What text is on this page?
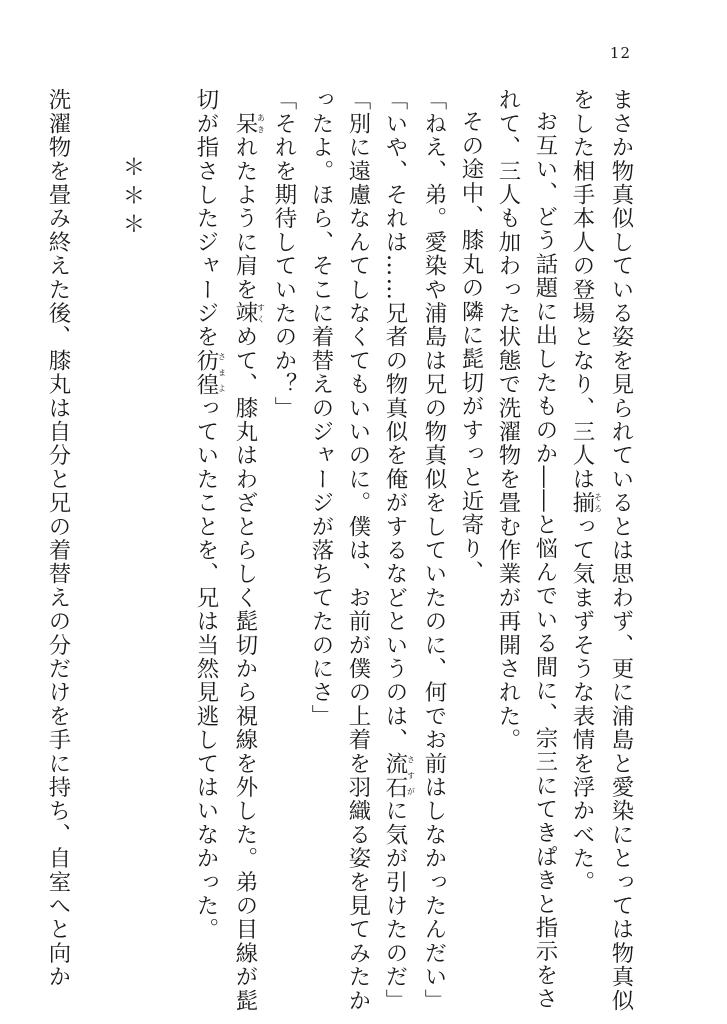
12
まさか物真似している姿を見られているとは思わず、更に浦島と愛染にとっては物真似
をした相手本人の登場となり、三人は揃そろって気まずそうな表情を浮かべた。
お互い、どう話題に出したものか――と悩んでいる間に、宗三にてきぱきと指示をさ
れて、三人も加わった状態で洗濯物を畳む作業が再開された。
その途中、膝丸の隣に髭切がすっと近寄り、
「ねえ、弟。愛染や浦島は兄の物真似をしていたのに、何でお前はしなかったんだい」
「いや、それは……兄者の物真似を俺がするなどというのは、流石さすがに気が引けたのだ」
「別に遠慮なんてしなくてもいいのに。僕は、お前が僕の上着を羽織る姿を見てみたか
ったよ。ほら、そこに着替えのジャージが落ちてたのにさ」
「それを期待していたのか？」
　呆あきれたように肩を竦すくめて、膝丸はわざとらしく髭切から視線を外した。弟の目線が髭
切が指さしたジャージを彷徨さまよっていたことを、兄は当然見逃してはいなかった。
＊＊＊
洗濯物を畳み終えた後、膝丸は自分と兄の着替えの分だけを手に持ち、自室へと向か
